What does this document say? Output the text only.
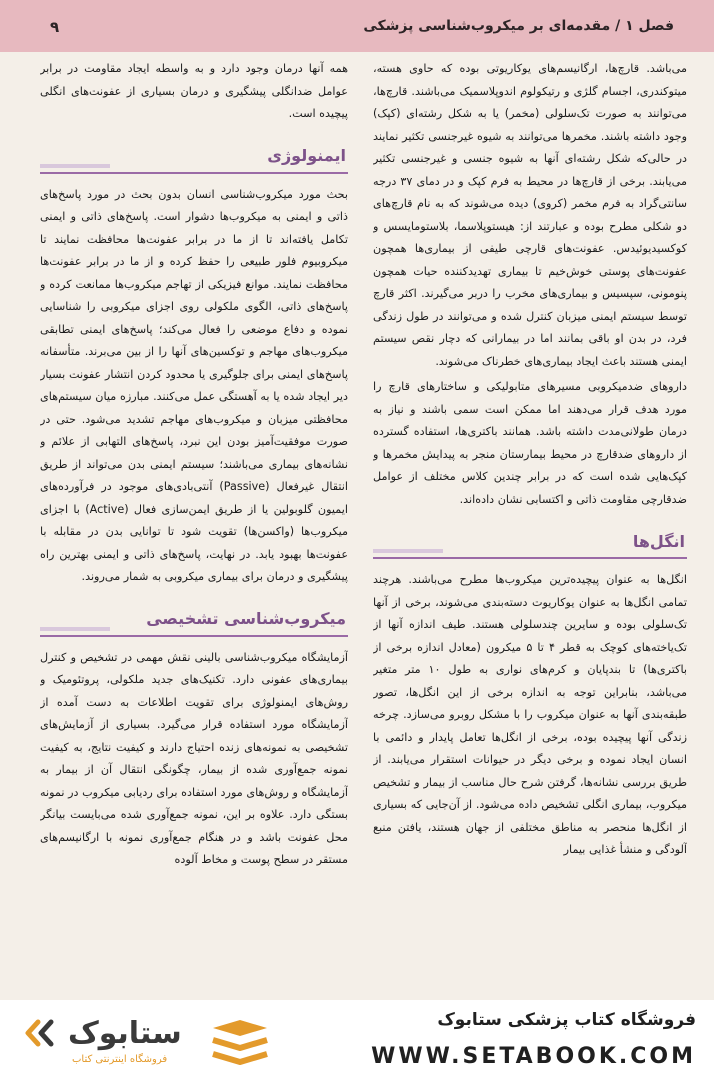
۹	فصل ۱ / مقدمه‌ای بر میکروب‌شناسی پزشکی

می‌باشد. قارچ‌ها، ارگانیسم‌های یوکاریوتی بوده که حاوی هسته، میتوکندری، اجسام گلژی و رتیکولوم اندوپلاسمیک می‌باشند. قارچ‌ها، می‌توانند به صورت تک‌سلولی (مخمر) یا به شکل رشته‌ای (کپک) وجود داشته باشند. مخمرها می‌توانند به شیوه غیرجنسی تکثیر نمایند در حالی‌که شکل رشته‌ای آنها به شیوه جنسی و غیرجنسی تکثیر می‌یابند. برخی از قارچ‌ها در محیط به فرم کپک و در دمای ۳۷ درجه سانتی‌گراد به فرم مخمر (کروی) دیده می‌شوند که به نام قارچ‌های دو شکلی مطرح بوده و عبارتند از: هیستوپلاسما، بلاستومایسس و کوکسیدیوئیدس. عفونت‌های قارچی طیفی از بیماری‌ها همچون عفونت‌های پوستی خوش‌خیم تا بیماری تهدیدکننده حیات همچون پنومونی، سپسیس و بیماری‌های مخرب را دربر می‌گیرند. اکثر قارچ توسط سیستم ایمنی میزبان کنترل شده و می‌توانند در طول زندگی فرد، در بدن او باقی بمانند اما در بیمارانی که دچار نقص سیستم ایمنی هستند باعث ایجاد بیماری‌های خطرناک می‌شوند.

داروهای ضدمیکروبی مسیرهای متابولیکی و ساختارهای قارچ را مورد هدف قرار می‌دهند اما ممکن است سمی باشند و نیاز به درمان طولانی‌مدت داشته باشد. همانند باکتری‌ها، استفاده گسترده از داروهای ضدقارچ در محیط بیمارستان منجر به پیدایش مخمرها و کپک‌هایی شده است که در برابر چندین کلاس مختلف از عوامل ضدقارچی مقاومت ذاتی و اکتسابی نشان داده‌اند.

انگل‌ها

انگل‌ها به عنوان پیچیده‌ترین میکروب‌ها مطرح می‌باشند. هرچند تمامی انگل‌ها به عنوان یوکاریوت دسته‌بندی می‌شوند، برخی از آنها تک‌سلولی بوده و سایرین چندسلولی هستند. طیف اندازه آنها از تک‌یاخته‌های کوچک به قطر ۴ تا ۵ میکرون (معادل اندازه برخی از باکتری‌ها) تا بندپایان و کرم‌های نواری به طول ۱۰ متر متغیر می‌باشد، بنابراین توجه به اندازه برخی از این انگل‌ها، تصور طبقه‌بندی آنها به عنوان میکروب را با مشکل روبرو می‌سازد. چرخه زندگی آنها پیچیده بوده، برخی از انگل‌ها تعامل پایدار و دائمی با انسان ایجاد نموده و برخی دیگر در حیوانات استقرار می‌یابند. از طریق بررسی نشانه‌ها، گرفتن شرح حال مناسب از بیمار و تشخیص میکروب، بیماری انگلی تشخیص داده می‌شود. از آن‌جایی که بسیاری از انگل‌ها منحصر به مناطق مختلفی از جهان هستند، یافتن منبع آلودگی و منشأ غذایی بیمار

همه آنها درمان وجود دارد و به واسطه ایجاد مقاومت در برابر عوامل ضدانگلی پیشگیری و درمان بسیاری از عفونت‌های انگلی پیچیده است.

ایمنولوژی

بحث مورد میکروب‌شناسی انسان بدون بحث در مورد پاسخ‌های ذاتی و ایمنی به میکروب‌ها دشوار است. پاسخ‌های ذاتی و ایمنی تکامل یافته‌اند تا از ما در برابر عفونت‌ها محافظت نمایند تا میکروبیوم فلور طبیعی را حفظ کرده و از ما در برابر عفونت‌ها محافظت نمایند. موانع فیزیکی از تهاجم میکروب‌ها ممانعت کرده و پاسخ‌های ذاتی، الگوی ملکولی روی اجزای میکروبی را شناسایی نموده و دفاع موضعی را فعال می‌کند؛ پاسخ‌های ایمنی تطابقی میکروب‌های مهاجم و توکسین‌های آنها را از بین می‌برند. متأسفانه پاسخ‌های ایمنی برای جلوگیری یا محدود کردن انتشار عفونت بسیار دیر ایجاد شده یا به آهستگی عمل می‌کنند. مبارزه میان سیستم‌های محافظتی میزبان و میکروب‌های مهاجم تشدید می‌شود. حتی در صورت موفقیت‌آمیز بودن این نبرد، پاسخ‌های التهابی از علائم و نشانه‌های بیماری می‌باشند؛ سیستم ایمنی بدن می‌تواند از طریق انتقال غیرفعال (Passive) آنتی‌بادی‌های موجود در فرآورده‌های ایمیون گلوبولین یا از طریق ایمن‌سازی فعال (Active) با اجزای میکروب‌ها (واکسن‌ها) تقویت شود تا توانایی بدن در مقابله با عفونت‌ها بهبود یابد. در نهایت، پاسخ‌های ذاتی و ایمنی بهترین راه پیشگیری و درمان برای بیماری میکروبی به شمار می‌روند.

میکروب‌شناسی تشخیصی

آزمایشگاه میکروب‌شناسی بالینی نقش مهمی در تشخیص و کنترل بیماری‌های عفونی دارد. تکنیک‌های جدید ملکولی، پروتئومیک و روش‌های ایمنولوژی برای تقویت اطلاعات به دست آمده از آزمایشگاه مورد استفاده قرار می‌گیرد. بسیاری از آزمایش‌های تشخیصی به نمونه‌های زنده احتیاج دارند و کیفیت نتایج، به کیفیت نمونه جمع‌آوری شده از بیمار، چگونگی انتقال آن از بیمار به آزمایشگاه و روش‌های مورد استفاده برای ردیابی میکروب در نمونه بستگی دارد. علاوه بر این، نمونه جمع‌آوری شده می‌بایست بیانگر محل عفونت باشد و در هنگام جمع‌آوری نمونه با ارگانیسم‌های مستقر در سطح پوست و مخاط آلوده

ستابوک
فروشگاه اینترنتی کتاب
فروشگاه کتاب پزشکی ستابوک
WWW.SETABOOK.COM
